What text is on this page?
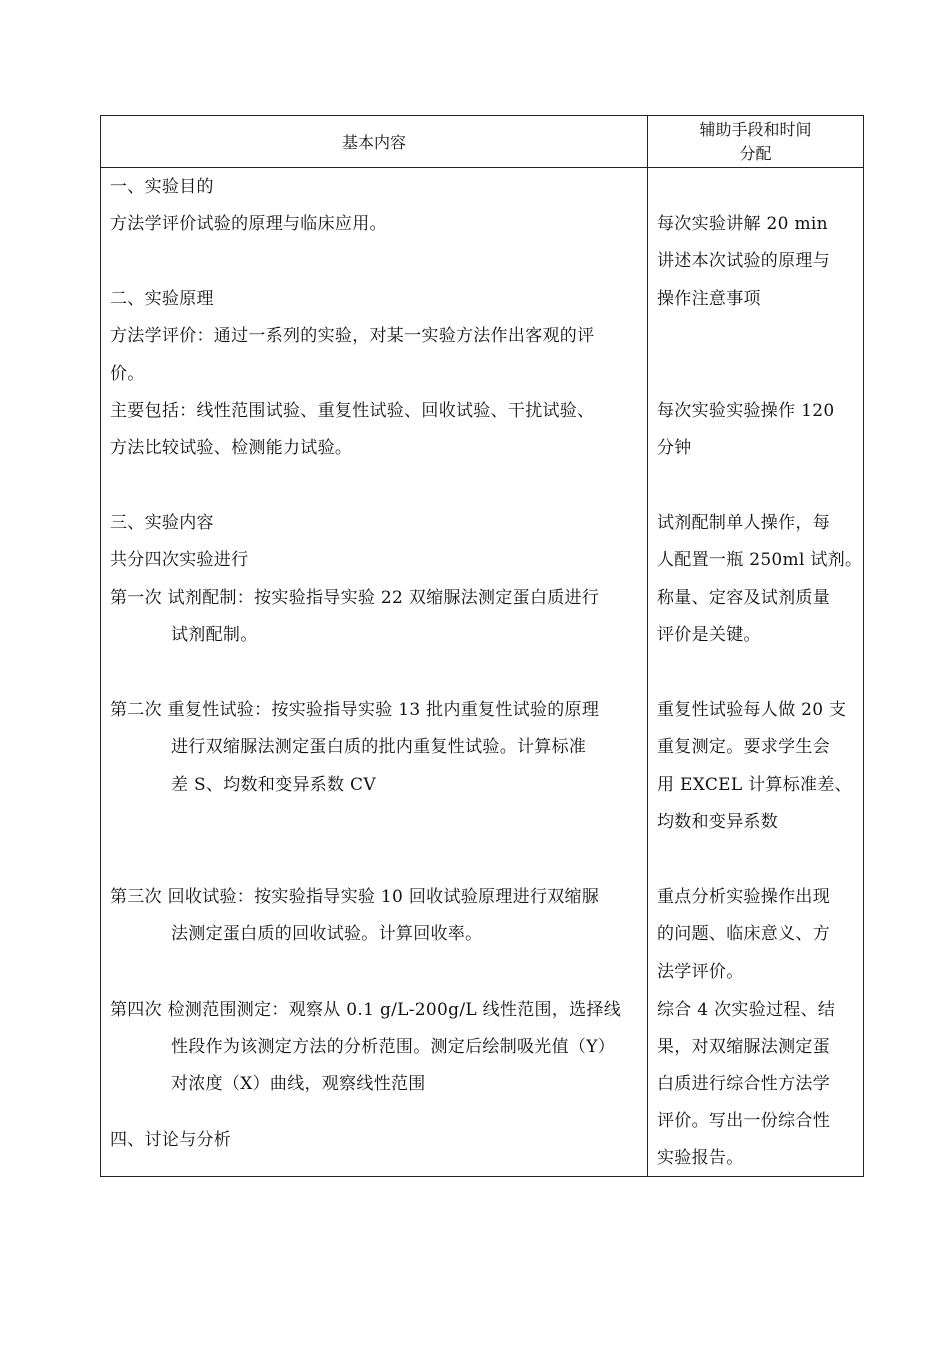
基本内容
辅助手段和时间
分配
一、实验目的
方法学评价试验的原理与临床应用。
二、实验原理
方法学评价：通过一系列的实验，对某一实验方法作出客观的评
价。
主要包括：线性范围试验、重复性试验、回收试验、干扰试验、
方法比较试验、检测能力试验。
三、实验内容
共分四次实验进行
第一次 试剂配制：按实验指导实验 22 双缩脲法测定蛋白质进行
试剂配制。
第二次 重复性试验：按实验指导实验 13 批内重复性试验的原理
进行双缩脲法测定蛋白质的批内重复性试验。计算标准
差 S、均数和变异系数 CV
第三次 回收试验：按实验指导实验 10 回收试验原理进行双缩脲
法测定蛋白质的回收试验。计算回收率。
第四次 检测范围测定：观察从 0.1 g/L-200g/L 线性范围，选择线
性段作为该测定方法的分析范围。测定后绘制吸光值（Y）
对浓度（X）曲线，观察线性范围
四、讨论与分析
每次实验讲解 20 min
讲述本次试验的原理与
操作注意事项
每次实验实验操作 120
分钟
试剂配制单人操作，每
人配置一瓶 250ml 试剂。
称量、定容及试剂质量
评价是关键。
重复性试验每人做 20 支
重复测定。要求学生会
用 EXCEL 计算标准差、
均数和变异系数
重点分析实验操作出现
的问题、临床意义、方
法学评价。
综合 4 次实验过程、结
果，对双缩脲法测定蛋
白质进行综合性方法学
评价。写出一份综合性
实验报告。
